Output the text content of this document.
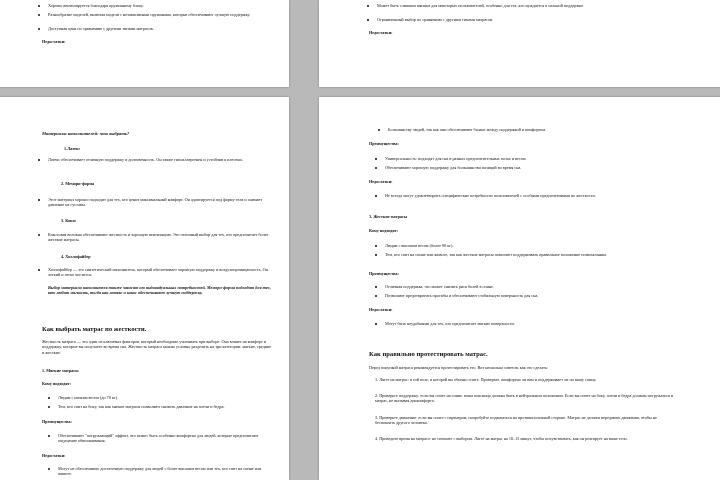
Хорошо вентилируется благодаря пружинному блоку.
Разнообразие моделей, включая модели с независимыми пружинами, которые обеспечивают лучшую поддержку.
Доступная цена по сравнению с другими типами матрасов.
Недостатки:
Может быть слишком мягким для некоторых пользователей, особенно для тех, кто нуждается в сильной поддержке.
Ограниченный выбор по сравнению с другими типами матрасов.
Недостатки:
Материалы наполнителей: что выбрать?
1.Латекс
Латекс обеспечивает отличную поддержку и долговечность. Он также гипоаллергенен и устойчив к плесени.
2. Мемори-форма
Этот материал хорошо подходит для тех, кто ценит максимальный комфорт. Он адаптируется под форму тела и снимает давление на суставы.
3. Кокос
Кокосовая волокна обеспечивают жесткость и хорошую вентиляцию. Это отличный выбор для тех, кто предпочитает более жесткие матрасы.
4. Холлофайбер
Холлофайбер — это синтетический наполнитель, который обеспечивает хорошую поддержку и воздухопроницаемость. Он легкий и легко чистится.
Выбор материала наполнителя также зависит от индивидуальных потребностей. Мемори-форма подходит для тех, кто любит мягкость, тогда как латекс и кокос обеспечивают лучшую поддержку.
Как выбрать матрас по жесткости.
Жесткость матраса — это один из ключевых факторов, который необходимо учитывать при выборе. Она влияет на комфорт и поддержку, которые вы получаете во время сна. Жесткость матраса можно условно разделить на три категории: мягкие, средние и жесткие.
1. Мягкие матрасы
Кому подходят:
Людям с низким весом (до 70 кг).
Тем, кто спит на боку, так как мягкие матрасы позволяют снизить давление на плечи и бедра.
Преимущества:
Обеспечивают "погружающий" эффект, что может быть особенно комфортно для людей, которые предпочитают ощущение обволакивания.
Недостатки:
Могут не обеспечивать достаточную поддержку для людей с более высоким весом или тех, кто спит на спине или животе.
Большинству людей, так как они обеспечивают баланс между поддержкой и комфортом.
Преимущества:
Универсальность: подходят для сна в разных предпочтительных позах и весом.
Обеспечивают хорошую поддержку для большинства позиций во время сна.
Недостатки:
Не всегда могут удовлетворить специфические потребности пользователей с особыми предпочтениями по жесткости.
3. Жесткие матрасы
Кому подходят:
Людям с высоким весом (более 90 кг).
Тем, кто спит на спине или животе, так как жесткие матрасы помогают поддерживать правильное положение позвоночника.
Преимущества:
Отличная поддержка, что может снизить риск болей в спине.
Позволяют предотвратить прогибы и обеспечивают стабильную поверхность для сна.
Недостатки:
Могут быть неудобными для тех, кто предпочитает мягкие поверхности.
Как правильно протестировать матрас.
Перед покупкой матраса рекомендуется протестировать его. Вот несколько советов, как это сделать:
1. Лягте на матрас: в той позе, в которой вы обычно спите. Проверьте, комфортно ли вам и поддерживает ли он вашу спину.
2. Проверьте поддержку: если вы спите на спине, ваша поясница должна быть в нейтральном положении. Если вы спите на боку, плечи и бедра должны погружаться в матрас, не вызывая дискомфорта.
3. Проверьте движение: если вы спите с партнером, попробуйте подвигаться на противоположной стороне. Матрас не должен передавать движения, чтобы не беспокоить другого человека.
4. Проведите время на матрасе: не спешите с выбором. Лягте на матрас на 10–15 минут, чтобы почувствовать, как он реагирует на ваше тело.
